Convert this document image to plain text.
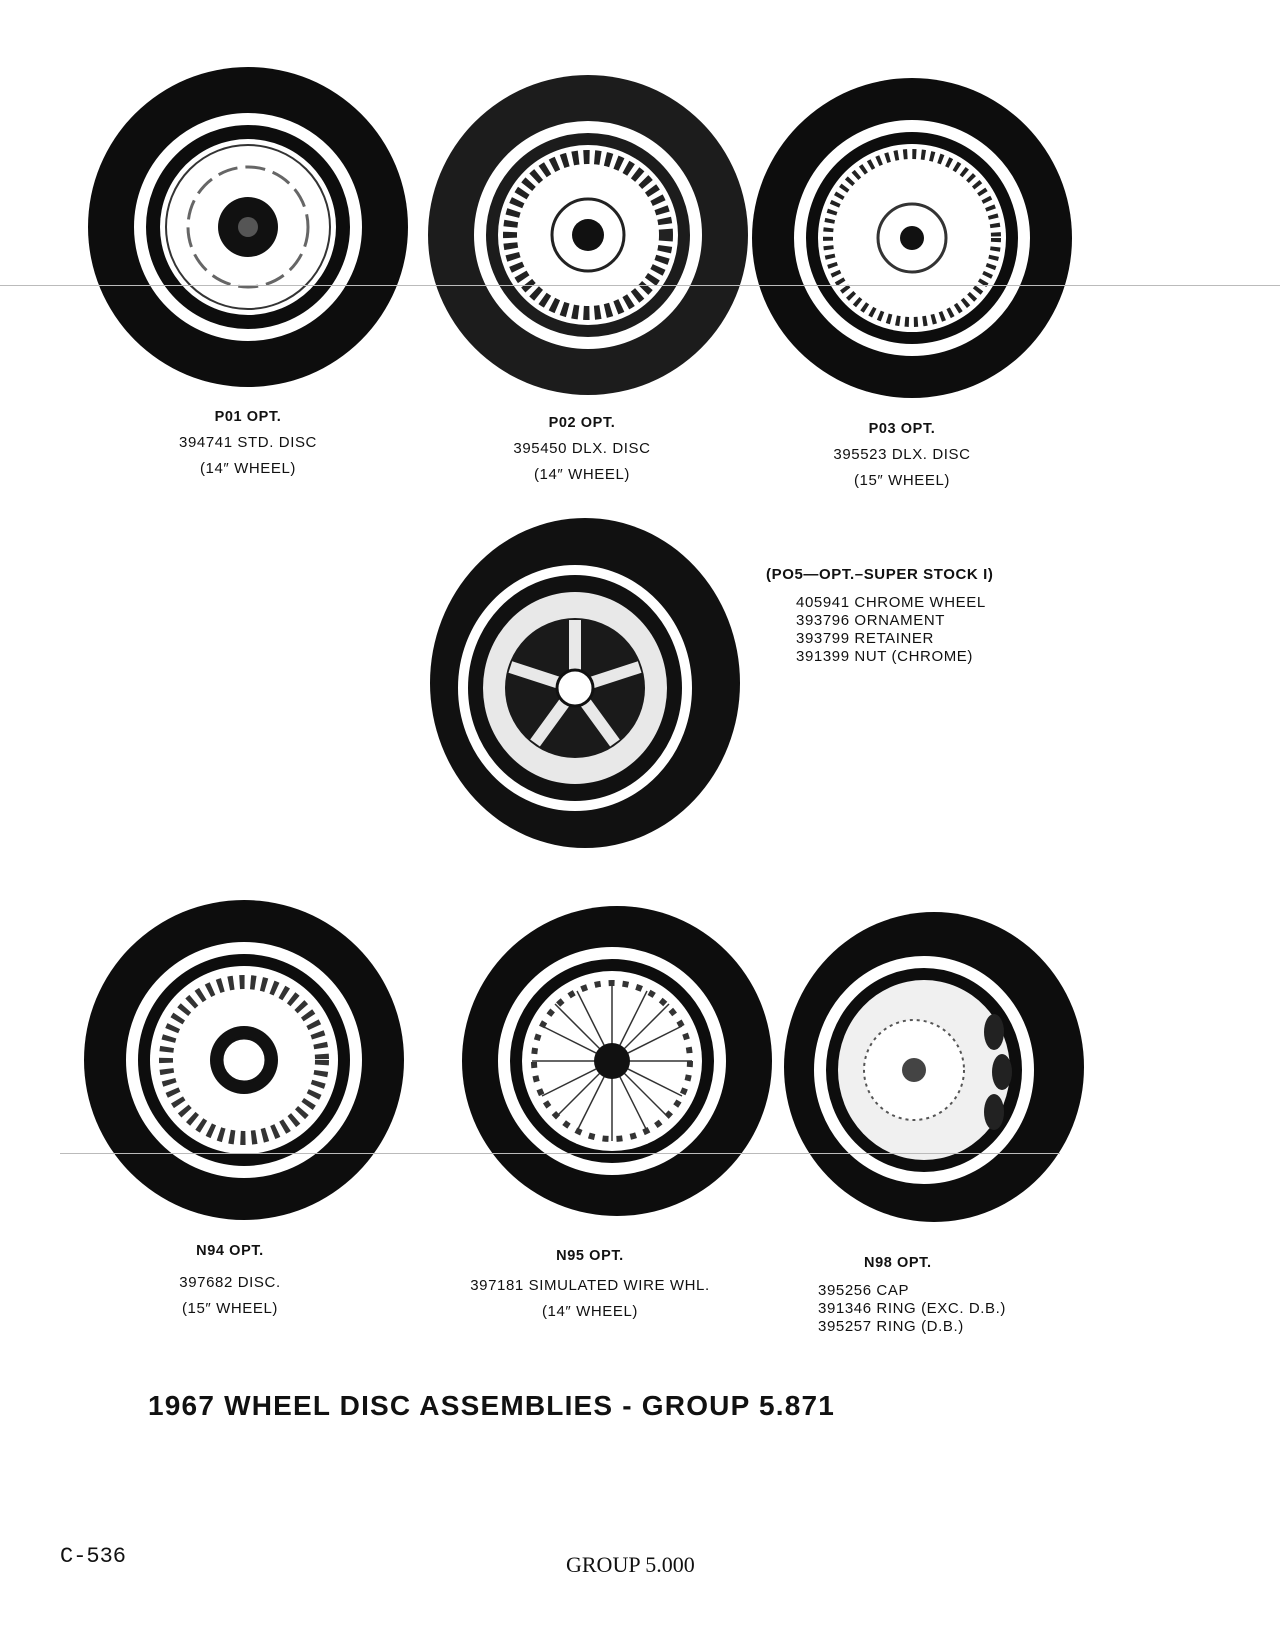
P01 OPT.
394741 STD. DISC
(14″ WHEEL)
P02 OPT.
395450 DLX. DISC
(14″ WHEEL)
P03 OPT.
395523 DLX. DISC
(15″ WHEEL)
(PO5—OPT.–SUPER STOCK I)
405941 CHROME WHEEL
393796 ORNAMENT
393799 RETAINER
391399 NUT (CHROME)
N94 OPT.
397682 DISC.
(15″ WHEEL)
N95 OPT.
397181 SIMULATED WIRE WHL.
(14″ WHEEL)
N98 OPT.
395256 CAP
391346 RING (EXC. D.B.)
395257 RING (D.B.)
1967 WHEEL DISC ASSEMBLIES - GROUP 5.871
C-536	GROUP 5.000
